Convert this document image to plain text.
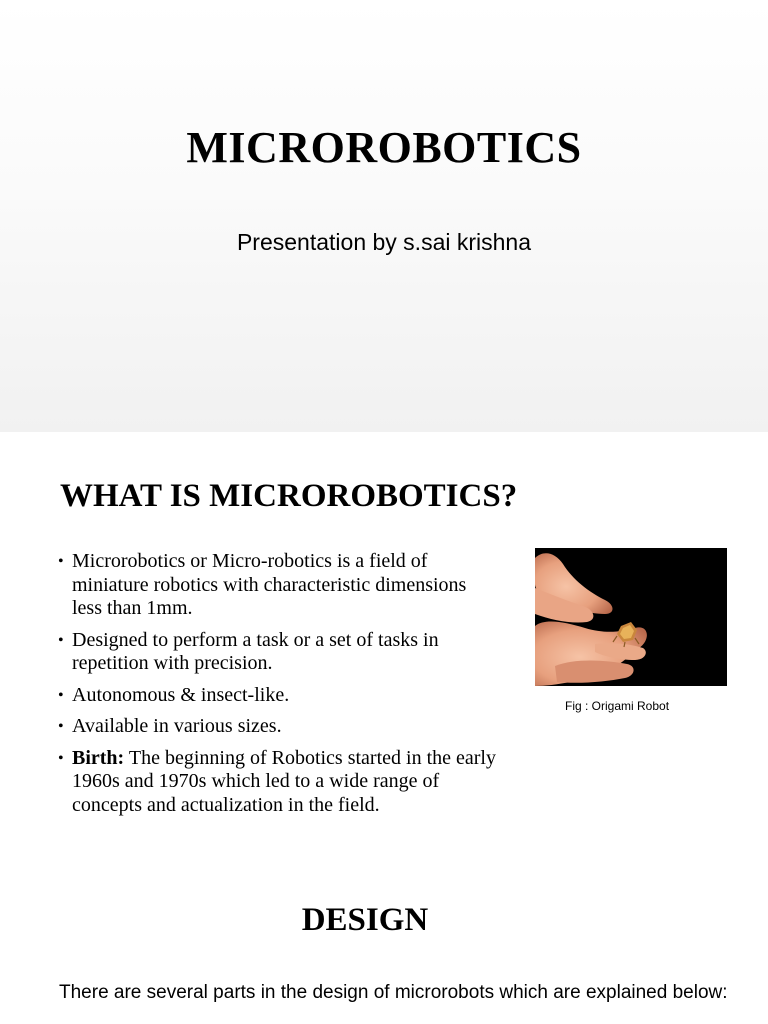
MICROROBOTICS
Presentation by s.sai krishna
WHAT IS MICROROBOTICS?
• Microrobotics or Micro-robotics is a field of miniature robotics with characteristic dimensions less than 1mm.
• Designed to perform a task or a set of tasks in repetition with precision.
• Autonomous & insect-like.
• Available in various sizes.
• Birth: The beginning of Robotics started in the early 1960s and 1970s which led to a wide range of concepts and actualization in the field.
Fig : Origami Robot
DESIGN
There are several parts in the design of microrobots which are explained below:
